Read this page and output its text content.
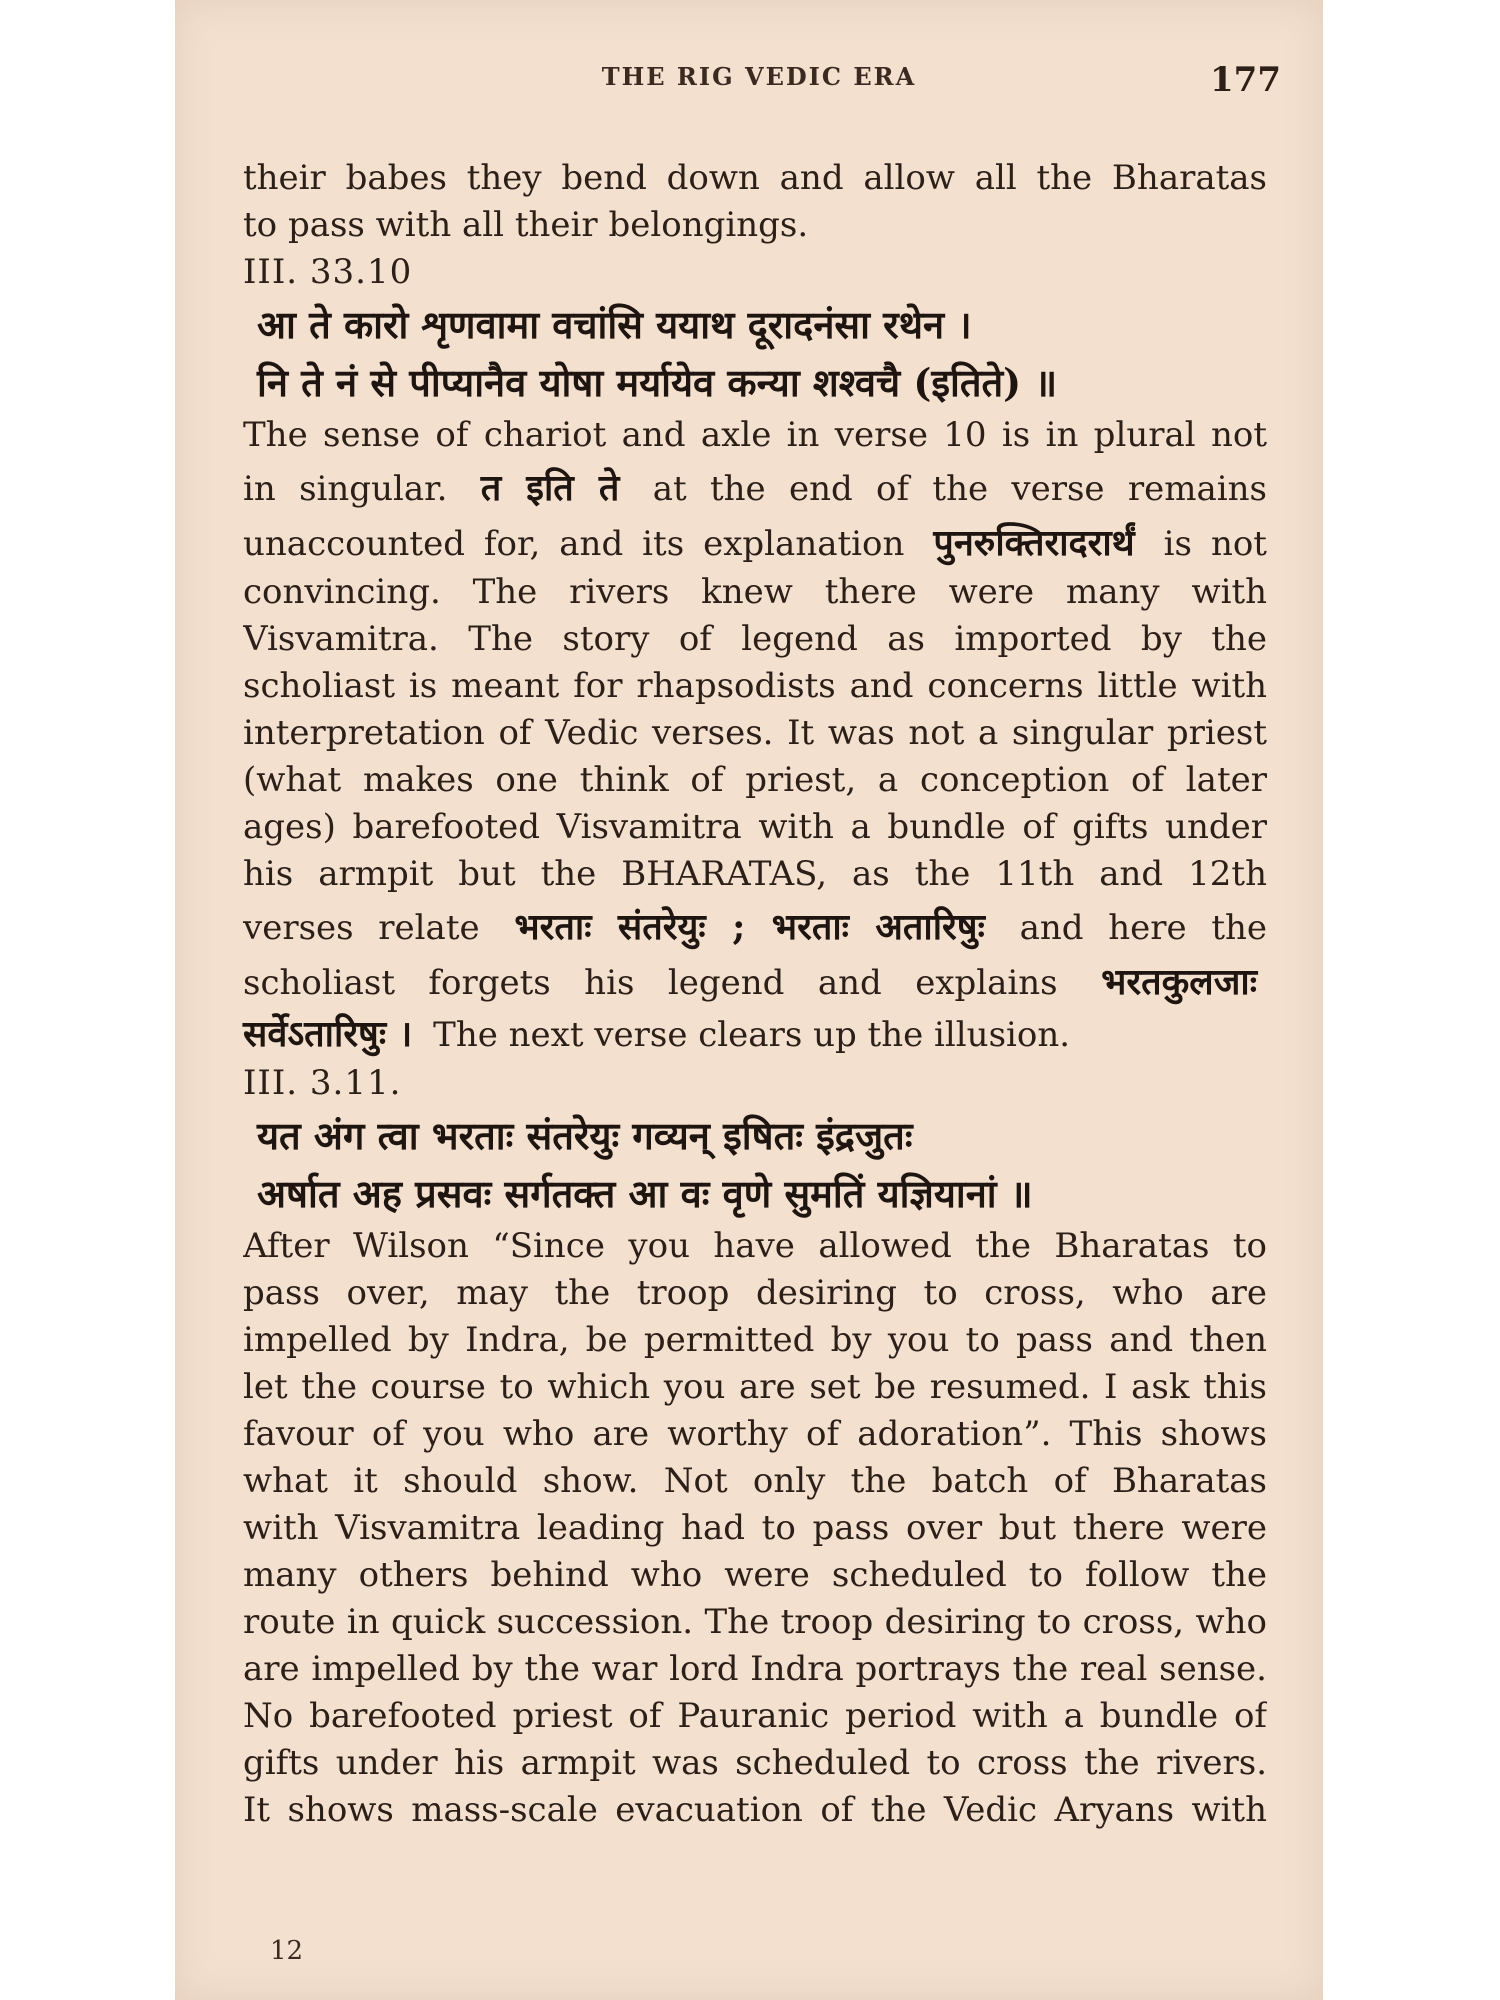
THE RIG VEDIC ERA	177
their babes they bend down and allow all the Bharatas
to pass with all their belongings.
III. 33.10
आ ते कारो शृणवामा वचांसि ययाथ दूरादनंसा रथेन ।
नि ते नं से पीप्यानैव योषा मर्यायेव कन्या शश्वचै (इतिते) ॥
The sense of chariot and axle in verse 10 is in plural not
in singular. त इति ते at the end of the verse remains
unaccounted for, and its explanation पुनरुक्तिरादरार्थं is not
convincing. The rivers knew there were many with
Visvamitra. The story of legend as imported by the
scholiast is meant for rhapsodists and concerns little with
interpretation of Vedic verses. It was not a singular priest
(what makes one think of priest, a conception of later
ages) barefooted Visvamitra with a bundle of gifts under
his armpit but the BHARATAS, as the 11th and 12th
verses relate भरताः संतरेयुः ; भरताः अतारिषुः and here the
scholiast forgets his legend and explains भरतकुलजाः
सर्वेऽतारिषुः । The next verse clears up the illusion.
III. 3.11.
यत अंग त्वा भरताः संतरेयुः गव्यन् इषितः इंद्रजुतः
अर्षात अह प्रसवः सर्गतक्त आ वः वृणे सुमतिं यज्ञियानां ॥
After Wilson “Since you have allowed the Bharatas to
pass over, may the troop desiring to cross, who are
impelled by Indra, be permitted by you to pass and then
let the course to which you are set be resumed. I ask this
favour of you who are worthy of adoration”. This shows
what it should show. Not only the batch of Bharatas
with Visvamitra leading had to pass over but there were
many others behind who were scheduled to follow the
route in quick succession. The troop desiring to cross, who
are impelled by the war lord Indra portrays the real sense.
No barefooted priest of Pauranic period with a bundle of
gifts under his armpit was scheduled to cross the rivers.
It shows mass-scale evacuation of the Vedic Aryans with
12
